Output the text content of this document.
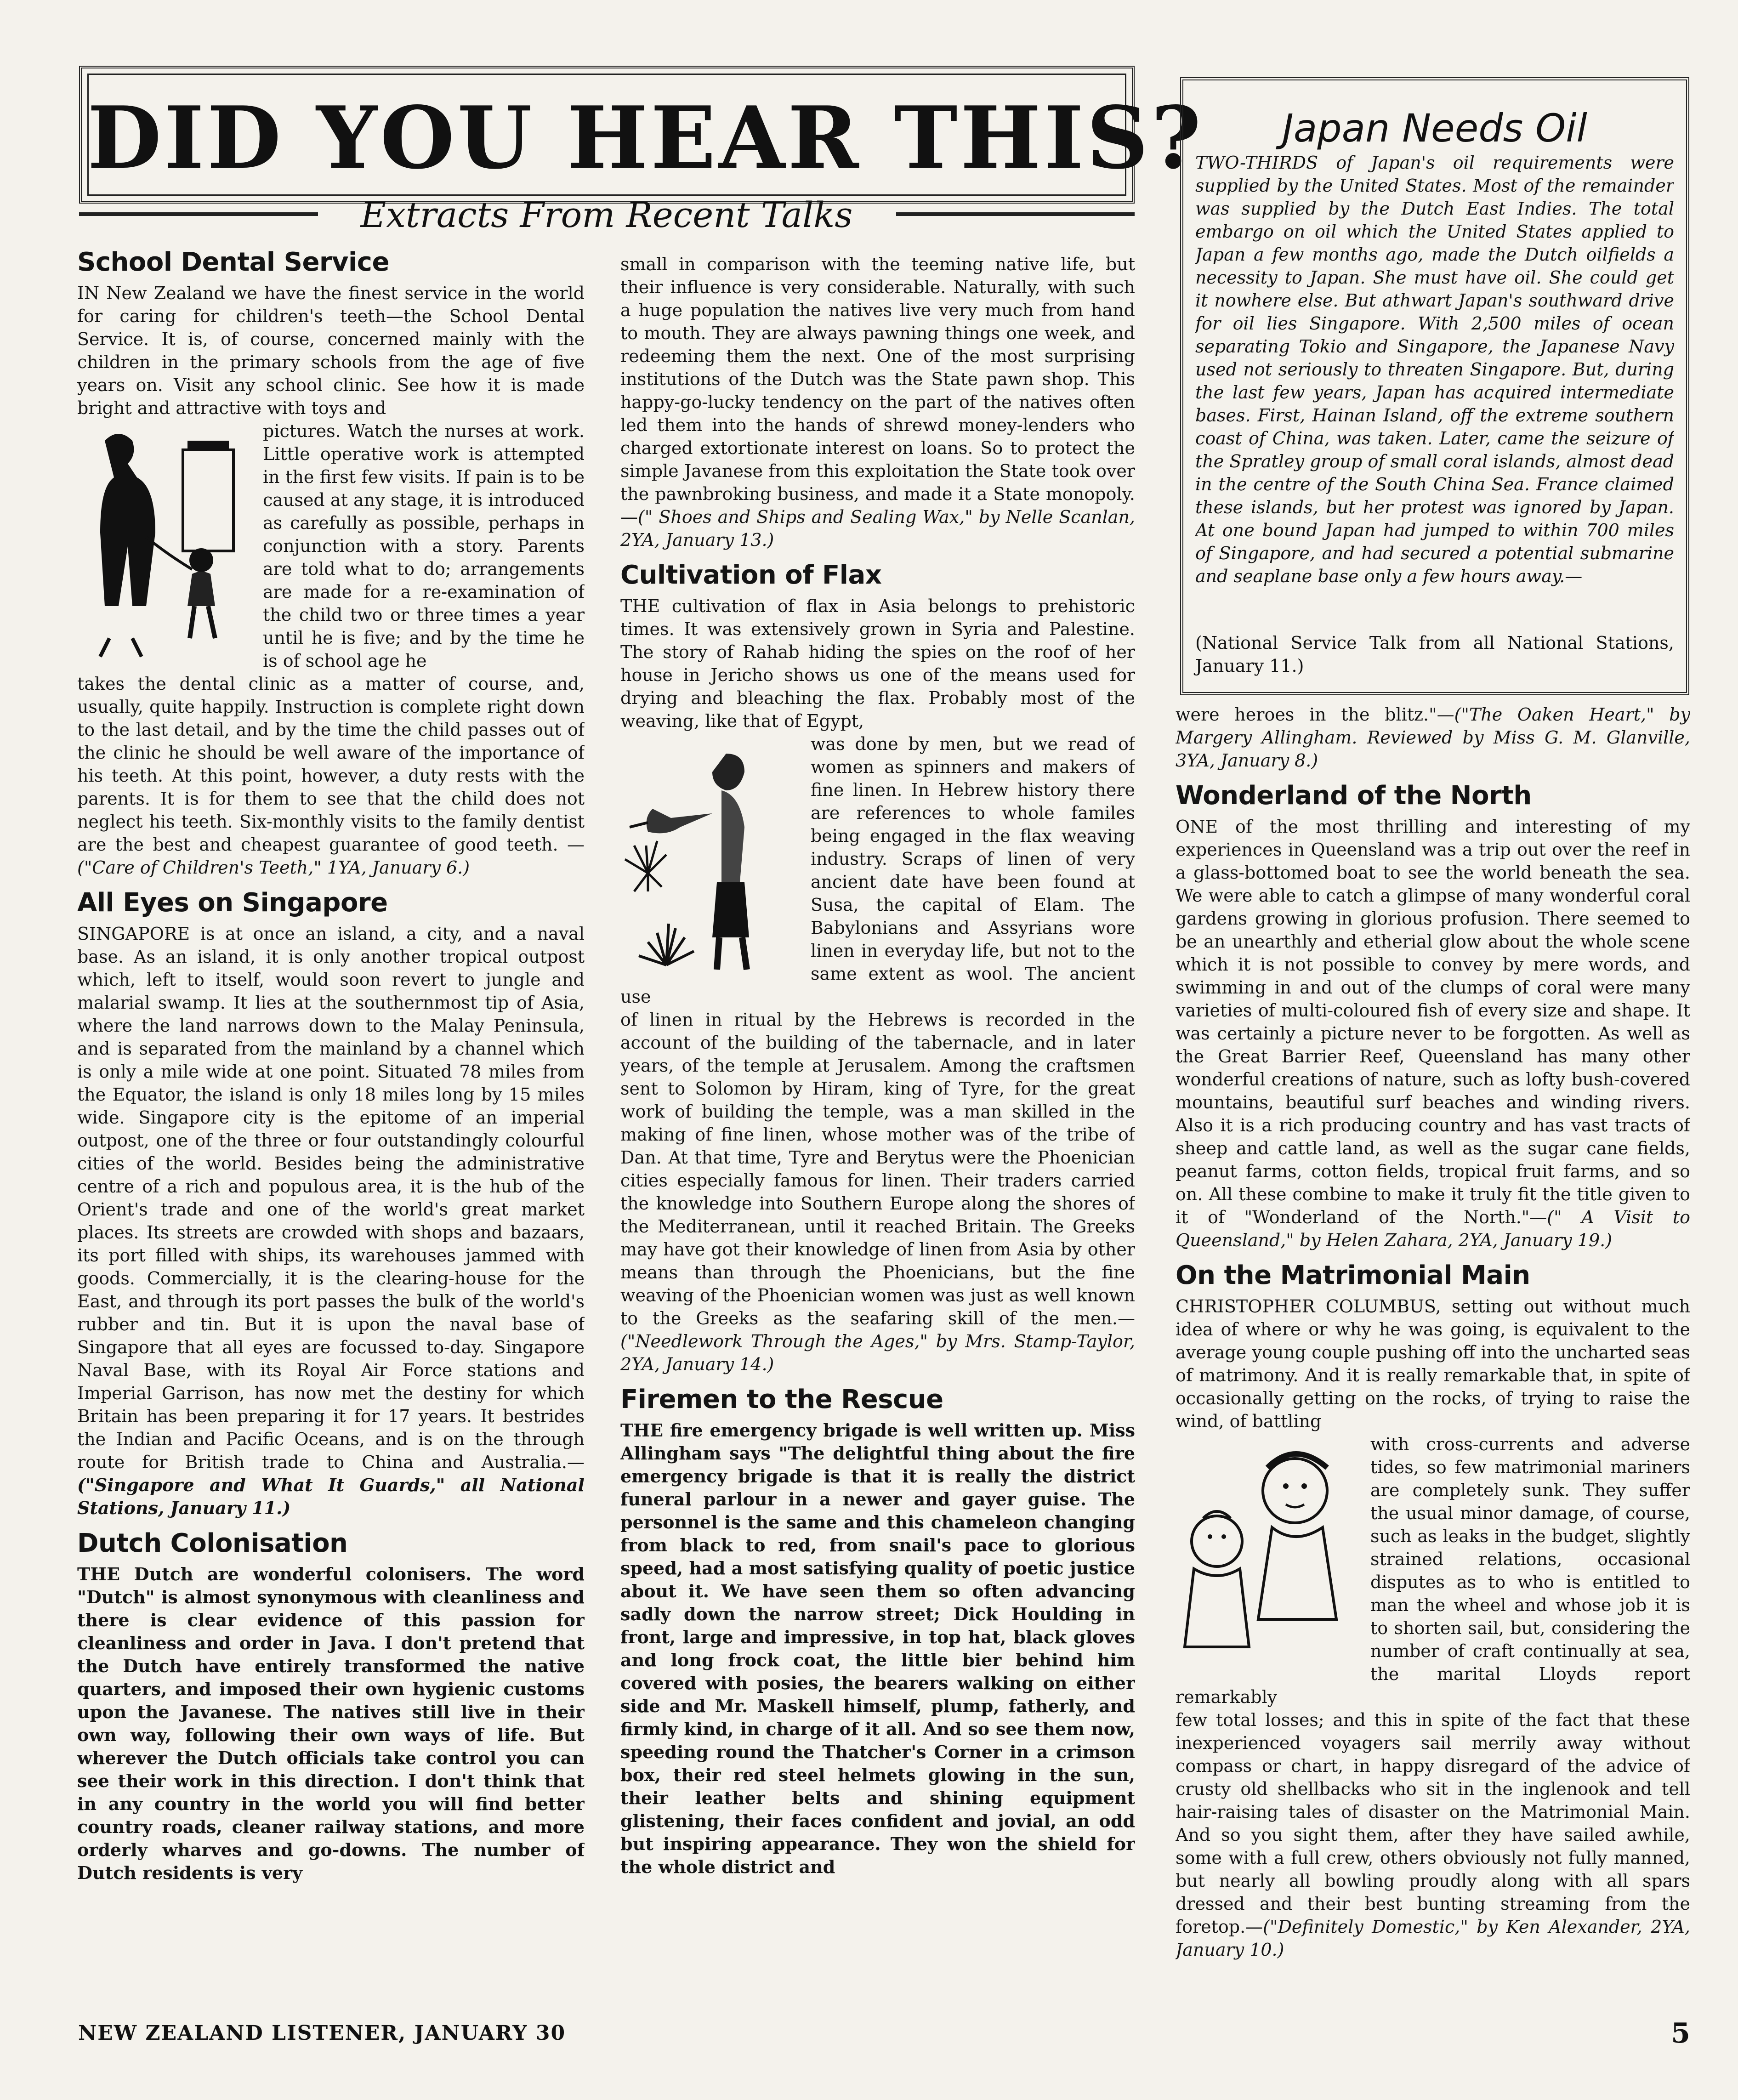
DID YOU HEAR THIS?
Extracts From Recent Talks
Japan Needs Oil
TWO-THIRDS of Japan's oil requirements were supplied by the United States. Most of the remainder was supplied by the Dutch East Indies. The total embargo on oil which the United States applied to Japan a few months ago, made the Dutch oilfields a necessity to Japan. She must have oil. She could get it nowhere else. But athwart Japan's southward drive for oil lies Singapore. With 2,500 miles of ocean separating Tokio and Singapore, the Japanese Navy used not seriously to threaten Singapore. But, during the last few years, Japan has acquired intermediate bases. First, Hainan Island, off the extreme southern coast of China, was taken. Later, came the seizure of the Spratley group of small coral islands, almost dead in the centre of the South China Sea. France claimed these islands, but her protest was ignored by Japan. At one bound Japan had jumped to within 700 miles of Singapore, and had secured a potential submarine and seaplane base only a few hours away.—
(National Service Talk from all National Stations, January 11.)
School Dental Service

IN New Zealand we have the finest service in the world for caring for children's teeth—the School Dental Service. It is, of course, concerned mainly with the children in the primary schools from the age of five years on. Visit any school clinic. See how it is made bright and attractive with toys and

pictures. Watch the nurses at work. Little operative work is attempted in the first few visits. If pain is to be caused at any stage, it is introduced as carefully as possible, perhaps in conjunction with a story. Parents are told what to do; arrangements are made for a re-examination of the child two or three times a year until he is five; and by the time he is of school age he

takes the dental clinic as a matter of course, and, usually, quite happily. Instruction is complete right down to the last detail, and by the time the child passes out of the clinic he should be well aware of the importance of his teeth. At this point, however, a duty rests with the parents. It is for them to see that the child does not neglect his teeth. Six-monthly visits to the family dentist are the best and cheapest guarantee of good teeth. — ("Care of Children's Teeth," 1YA, January 6.)

All Eyes on Singapore

SINGAPORE is at once an island, a city, and a naval base. As an island, it is only another tropical outpost which, left to itself, would soon revert to jungle and malarial swamp. It lies at the southernmost tip of Asia, where the land narrows down to the Malay Peninsula, and is separated from the mainland by a channel which is only a mile wide at one point. Situated 78 miles from the Equator, the island is only 18 miles long by 15 miles wide. Singapore city is the epitome of an imperial outpost, one of the three or four outstandingly colourful cities of the world. Besides being the administrative centre of a rich and populous area, it is the hub of the Orient's trade and one of the world's great market places. Its streets are crowded with shops and bazaars, its port filled with ships, its warehouses jammed with goods. Commercially, it is the clearing-house for the East, and through its port passes the bulk of the world's rubber and tin. But it is upon the naval base of Singapore that all eyes are focussed to-day. Singapore Naval Base, with its Royal Air Force stations and Imperial Garrison, has now met the destiny for which Britain has been preparing it for 17 years. It bestrides the Indian and Pacific Oceans, and is on the through route for British trade to China and Australia.—("Singapore and What It Guards," all National Stations, January 11.)

Dutch Colonisation

THE Dutch are wonderful colonisers. The word "Dutch" is almost synonymous with cleanliness and there is clear evidence of this passion for cleanliness and order in Java. I don't pretend that the Dutch have entirely transformed the native quarters, and imposed their own hygienic customs upon the Javanese. The natives still live in their own way, following their own ways of life. But wherever the Dutch officials take control you can see their work in this direction. I don't think that in any country in the world you will find better country roads, cleaner railway stations, and more orderly wharves and go-downs. The number of Dutch residents is very

small in comparison with the teeming native life, but their influence is very considerable. Naturally, with such a huge population the natives live very much from hand to mouth. They are always pawning things one week, and redeeming them the next. One of the most surprising institutions of the Dutch was the State pawn shop. This happy-go-lucky tendency on the part of the natives often led them into the hands of shrewd money-lenders who charged extortionate interest on loans. So to protect the simple Javanese from this exploitation the State took over the pawnbroking business, and made it a State monopoly.—(" Shoes and Ships and Sealing Wax," by Nelle Scanlan, 2YA, January 13.)

Cultivation of Flax

THE cultivation of flax in Asia belongs to prehistoric times. It was extensively grown in Syria and Palestine. The story of Rahab hiding the spies on the roof of her house in Jericho shows us one of the means used for drying and bleaching the flax. Probably most of the weaving, like that of Egypt,

was done by men, but we read of women as spinners and makers of fine linen. In Hebrew history there are references to whole familes being engaged in the flax weaving industry. Scraps of linen of very ancient date have been found at Susa, the capital of Elam. The Babylonians and Assyrians wore linen in everyday life, but not to the same extent as wool. The ancient use

of linen in ritual by the Hebrews is recorded in the account of the building of the tabernacle, and in later years, of the temple at Jerusalem. Among the craftsmen sent to Solomon by Hiram, king of Tyre, for the great work of building the temple, was a man skilled in the making of fine linen, whose mother was of the tribe of Dan. At that time, Tyre and Berytus were the Phoenician cities especially famous for linen. Their traders carried the knowledge into Southern Europe along the shores of the Mediterranean, until it reached Britain. The Greeks may have got their knowledge of linen from Asia by other means than through the Phoenicians, but the fine weaving of the Phoenician women was just as well known to the Greeks as the seafaring skill of the men.—("Needlework Through the Ages," by Mrs. Stamp-Taylor, 2YA, January 14.)

Firemen to the Rescue

THE fire emergency brigade is well written up. Miss Allingham says "The delightful thing about the fire emergency brigade is that it is really the district funeral parlour in a newer and gayer guise. The personnel is the same and this chameleon changing from black to red, from snail's pace to glorious speed, had a most satisfying quality of poetic justice about it. We have seen them so often advancing sadly down the narrow street; Dick Houlding in front, large and impressive, in top hat, black gloves and long frock coat, the little bier behind him covered with posies, the bearers walking on either side and Mr. Maskell himself, plump, fatherly, and firmly kind, in charge of it all. And so see them now, speeding round the Thatcher's Corner in a crimson box, their red steel helmets glowing in the sun, their leather belts and shining equipment glistening, their faces confident and jovial, an odd but inspiring appearance. They won the shield for the whole district and

were heroes in the blitz."—("The Oaken Heart," by Margery Allingham. Reviewed by Miss G. M. Glanville, 3YA, January 8.)

Wonderland of the North

ONE of the most thrilling and interesting of my experiences in Queensland was a trip out over the reef in a glass-bottomed boat to see the world beneath the sea. We were able to catch a glimpse of many wonderful coral gardens growing in glorious profusion. There seemed to be an unearthly and etherial glow about the whole scene which it is not possible to convey by mere words, and swimming in and out of the clumps of coral were many varieties of multi-coloured fish of every size and shape. It was certainly a picture never to be forgotten. As well as the Great Barrier Reef, Queensland has many other wonderful creations of nature, such as lofty bush-covered mountains, beautiful surf beaches and winding rivers. Also it is a rich producing country and has vast tracts of sheep and cattle land, as well as the sugar cane fields, peanut farms, cotton fields, tropical fruit farms, and so on. All these combine to make it truly fit the title given to it of "Wonderland of the North."—(" A Visit to Queensland," by Helen Zahara, 2YA, January 19.)

On the Matrimonial Main

CHRISTOPHER COLUMBUS, setting out without much idea of where or why he was going, is equivalent to the average young couple pushing off into the uncharted seas of matrimony. And it is really remarkable that, in spite of occasionally getting on the rocks, of trying to raise the wind, of battling

with cross-currents and adverse tides, so few matrimonial mariners are completely sunk. They suffer the usual minor damage, of course, such as leaks in the budget, slightly strained relations, occasional disputes as to who is entitled to man the wheel and whose job it is to shorten sail, but, considering the number of craft continually at sea, the marital Lloyds report remarkably

few total losses; and this in spite of the fact that these inexperienced voyagers sail merrily away without compass or chart, in happy disregard of the advice of crusty old shellbacks who sit in the inglenook and tell hair-raising tales of disaster on the Matrimonial Main. And so you sight them, after they have sailed awhile, some with a full crew, others obviously not fully manned, but nearly all bowling proudly along with all spars dressed and their best bunting streaming from the foretop.—("Definitely Domestic," by Ken Alexander, 2YA, January 10.)

NEW ZEALAND LISTENER, JANUARY 30	5
